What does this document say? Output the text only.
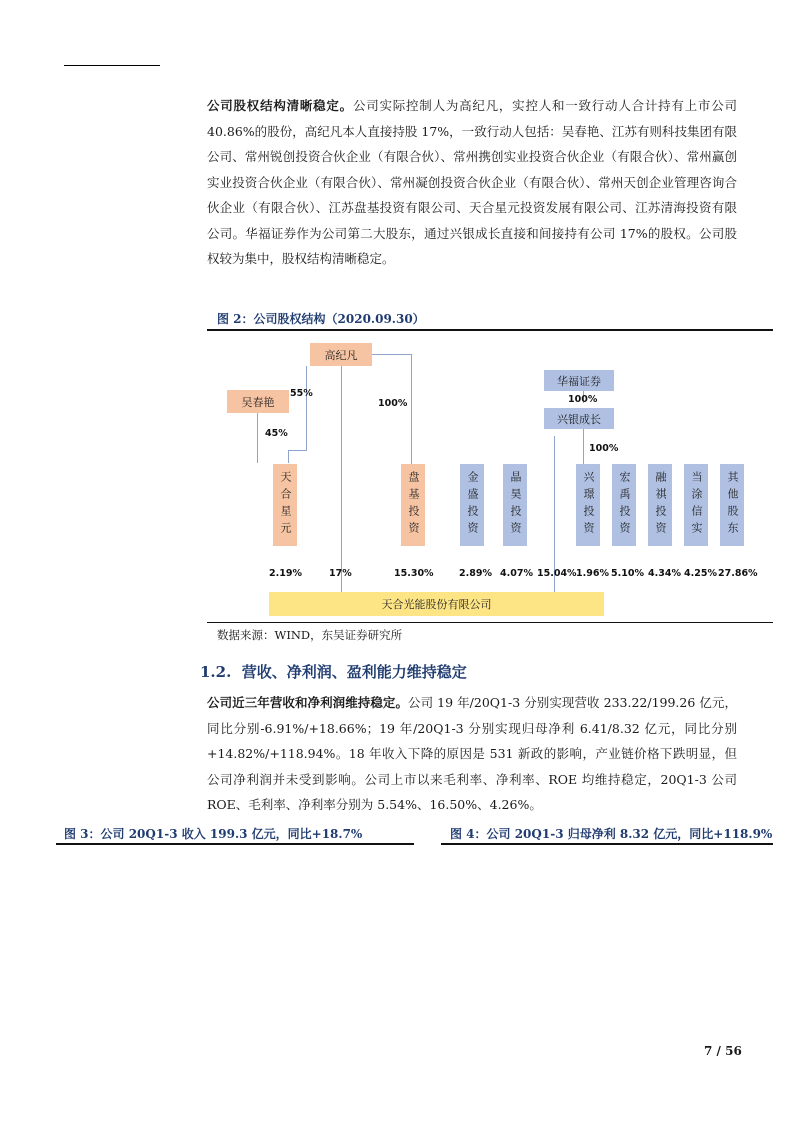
公司股权结构清晰稳定。公司实际控制人为高纪凡，实控人和一致行动人合计持有上市公司 40.86%的股份，高纪凡本人直接持股 17%，一致行动人包括：吴春艳、江苏有则科技集团有限公司、常州锐创投资合伙企业（有限合伙）、常州携创实业投资合伙企业（有限合伙）、常州赢创实业投资合伙企业（有限合伙）、常州凝创投资合伙企业（有限合伙）、常州天创企业管理咨询合伙企业（有限合伙）、江苏盘基投资有限公司、天合星元投资发展有限公司、江苏清海投资有限公司。华福证券作为公司第二大股东，通过兴银成长直接和间接持有公司 17%的股权。公司股权较为集中，股权结构清晰稳定。
图 2：公司股权结构（2020.09.30）
高纪凡
吴春艳
华福证券
兴银成长
55%
45%
100%	100%
100%
天合星元	盘基投资	金盛投资	晶昊投资	兴璟投资 宏禹投资 融祺投资 当涂信实 其他股东
2.19%	17%	15.30%	2.89% 4.07% 15.04% 1.96% 5.10% 4.34% 4.25% 27.86%
天合光能股份有限公司
数据来源：WIND，东吴证券研究所
1.2. 营收、净利润、盈利能力维持稳定
公司近三年营收和净利润维持稳定。公司 19 年/20Q1-3 分别实现营收 233.22/199.26 亿元，同比分别-6.91%/+18.66%；19 年/20Q1-3 分别实现归母净利 6.41/8.32 亿元，同比分别+14.82%/+118.94%。18 年收入下降的原因是 531 新政的影响，产业链价格下跌明显，但公司净利润并未受到影响。公司上市以来毛利率、净利率、ROE 均维持稳定，20Q1-3 公司 ROE、毛利率、净利率分别为 5.54%、16.50%、4.26%。
图 3：公司 20Q1-3 收入 199.3 亿元，同比+18.7%	图 4：公司 20Q1-3 归母净利 8.32 亿元，同比+118.9%
7 / 56
